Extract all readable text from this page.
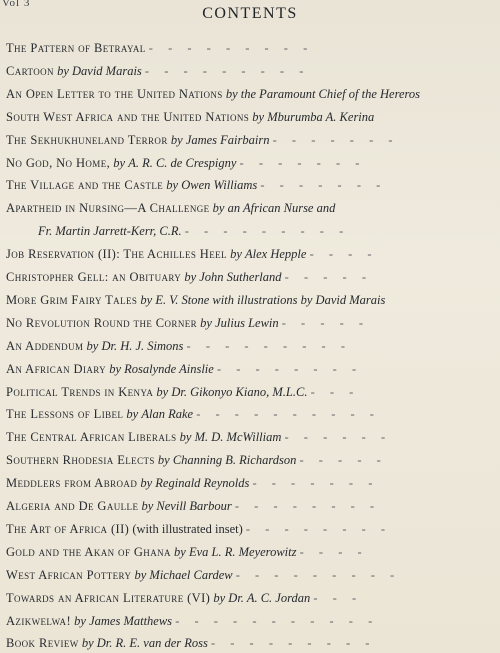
Vol 3
CONTENTS
The Pattern of Betrayal - - - - - - - - -
Cartoon by David Marais - - - - - - - - -
An Open Letter to the United Nations by the Paramount Chief of the Hereros
South West Africa and the United Nations by Mburumba A. Kerina
The Sekhukhuneland Terror by James Fairbairn - - - - - - -
No God, No Home, by A. R. C. de Crespigny - - - - - - -
The Village and the Castle by Owen Williams - - - - - - -
Apartheid in Nursing—A Challenge by an African Nurse and
Fr. Martin Jarrett-Kerr, C.R. - - - - - - - - -
Job Reservation (II): The Achilles Heel by Alex Hepple - - - -
Christopher Gell: an Obituary by John Sutherland - - - - -
More Grim Fairy Tales by E. V. Stone with illustrations by David Marais
No Revolution Round the Corner by Julius Lewin - - - - -
An Addendum by Dr. H. J. Simons - - - - - - - - -
An African Diary by Rosalynde Ainslie - - - - - - - -
Political Trends in Kenya by Dr. Gikonyo Kiano, M.L.C. - - -
The Lessons of Libel by Alan Rake - - - - - - - - - -
The Central African Liberals by M. D. McWilliam - - - - - -
Southern Rhodesia Elects by Channing B. Richardson - - - - -
Meddlers from Abroad by Reginald Reynolds - - - - - - -
Algeria and De Gaulle by Nevill Barbour - - - - - - - -
The Art of Africa (II) (with illustrated inset) - - - - - - - -
Gold and the Akan of Ghana by Eva L. R. Meyerowitz - - - -
West African Pottery by Michael Cardew - - - - - - - - -
Towards an African Literature (VI) by Dr. A. C. Jordan - - -
Azikwelwa! by James Matthews - - - - - - - - - - -
Book Review by Dr. R. E. van der Ross - - - - - - - - -
